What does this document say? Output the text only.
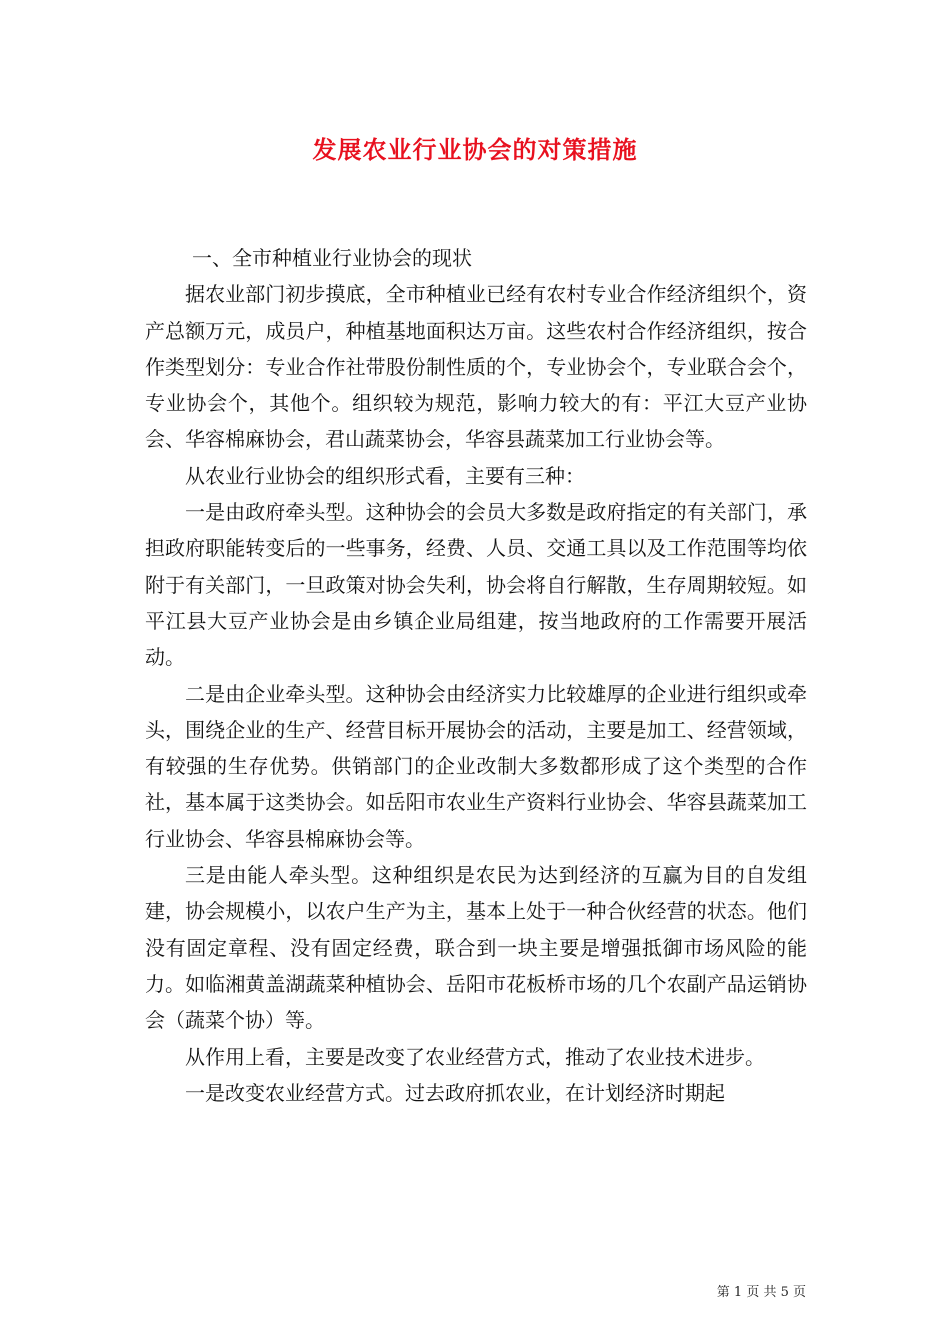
发展农业行业协会的对策措施

一、全市种植业行业协会的现状

据农业部门初步摸底，全市种植业已经有农村专业合作经济组织个，资产总额万元，成员户，种植基地面积达万亩。这些农村合作经济组织，按合作类型划分：专业合作社带股份制性质的个，专业协会个，专业联合会个，专业协会个，其他个。组织较为规范，影响力较大的有：平江大豆产业协会、华容棉麻协会，君山蔬菜协会，华容县蔬菜加工行业协会等。

从农业行业协会的组织形式看，主要有三种：

一是由政府牵头型。这种协会的会员大多数是政府指定的有关部门，承担政府职能转变后的一些事务，经费、人员、交通工具以及工作范围等均依附于有关部门，一旦政策对协会失利，协会将自行解散，生存周期较短。如平江县大豆产业协会是由乡镇企业局组建，按当地政府的工作需要开展活动。

二是由企业牵头型。这种协会由经济实力比较雄厚的企业进行组织或牵头，围绕企业的生产、经营目标开展协会的活动，主要是加工、经营领域，有较强的生存优势。供销部门的企业改制大多数都形成了这个类型的合作社，基本属于这类协会。如岳阳市农业生产资料行业协会、华容县蔬菜加工行业协会、华容县棉麻协会等。

三是由能人牵头型。这种组织是农民为达到经济的互赢为目的自发组建，协会规模小，以农户生产为主，基本上处于一种合伙经营的状态。他们没有固定章程、没有固定经费，联合到一块主要是增强抵御市场风险的能力。如临湘黄盖湖蔬菜种植协会、岳阳市花板桥市场的几个农副产品运销协会（蔬菜个协）等。

从作用上看，主要是改变了农业经营方式，推动了农业技术进步。

一是改变农业经营方式。过去政府抓农业，在计划经济时期起

第 1 页 共 5 页
